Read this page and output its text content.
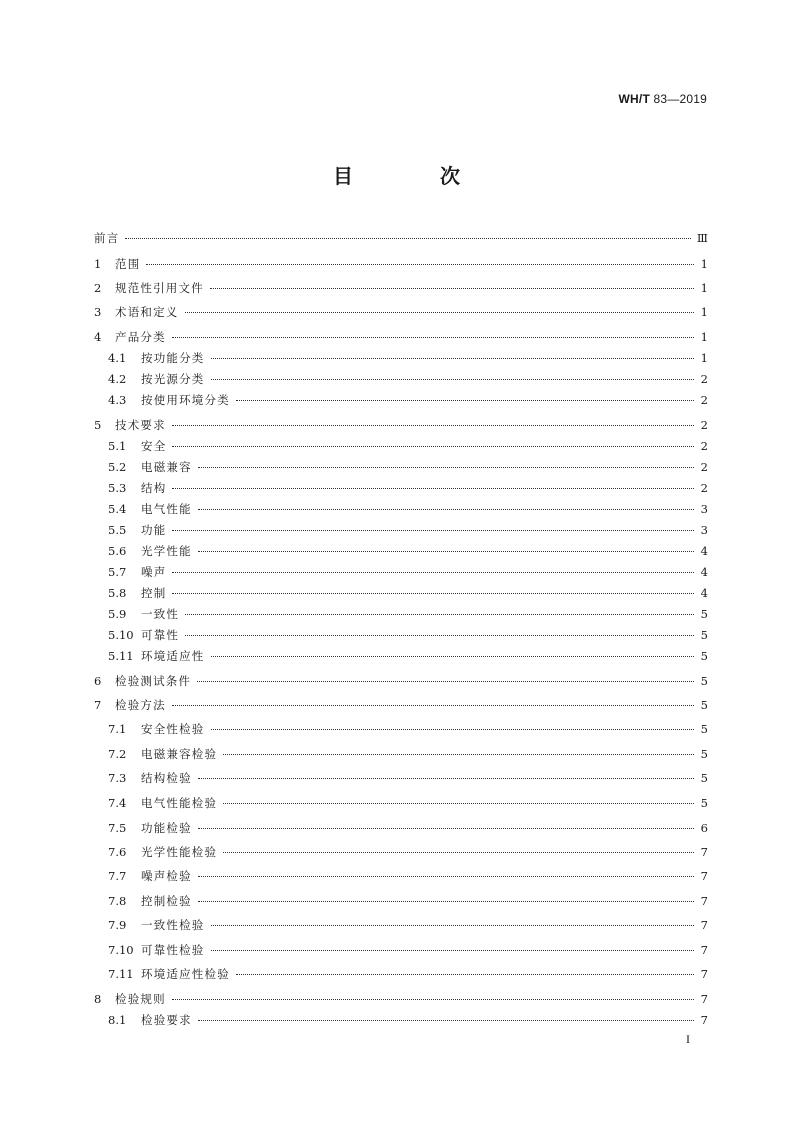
WH/T 83—2019
目 次
前言	Ⅲ
1	范围	1
2	规范性引用文件	1
3	术语和定义	1
4	产品分类	1
4.1	按功能分类	1
4.2	按光源分类	2
4.3	按使用环境分类	2
5	技术要求	2
5.1	安全	2
5.2	电磁兼容	2
5.3	结构	2
5.4	电气性能	3
5.5	功能	3
5.6	光学性能	4
5.7	噪声	4
5.8	控制	4
5.9	一致性	5
5.10 可靠性	5
5.11 环境适应性	5
6	检验测试条件	5
7	检验方法	5
7.1	安全性检验	5
7.2	电磁兼容检验	5
7.3	结构检验	5
7.4	电气性能检验	5
7.5	功能检验	6
7.6	光学性能检验	7
7.7	噪声检验	7
7.8	控制检验	7
7.9	一致性检验	7
7.10 可靠性检验	7
7.11 环境适应性检验	7
8	检验规则	7
8.1	检验要求	7
I
